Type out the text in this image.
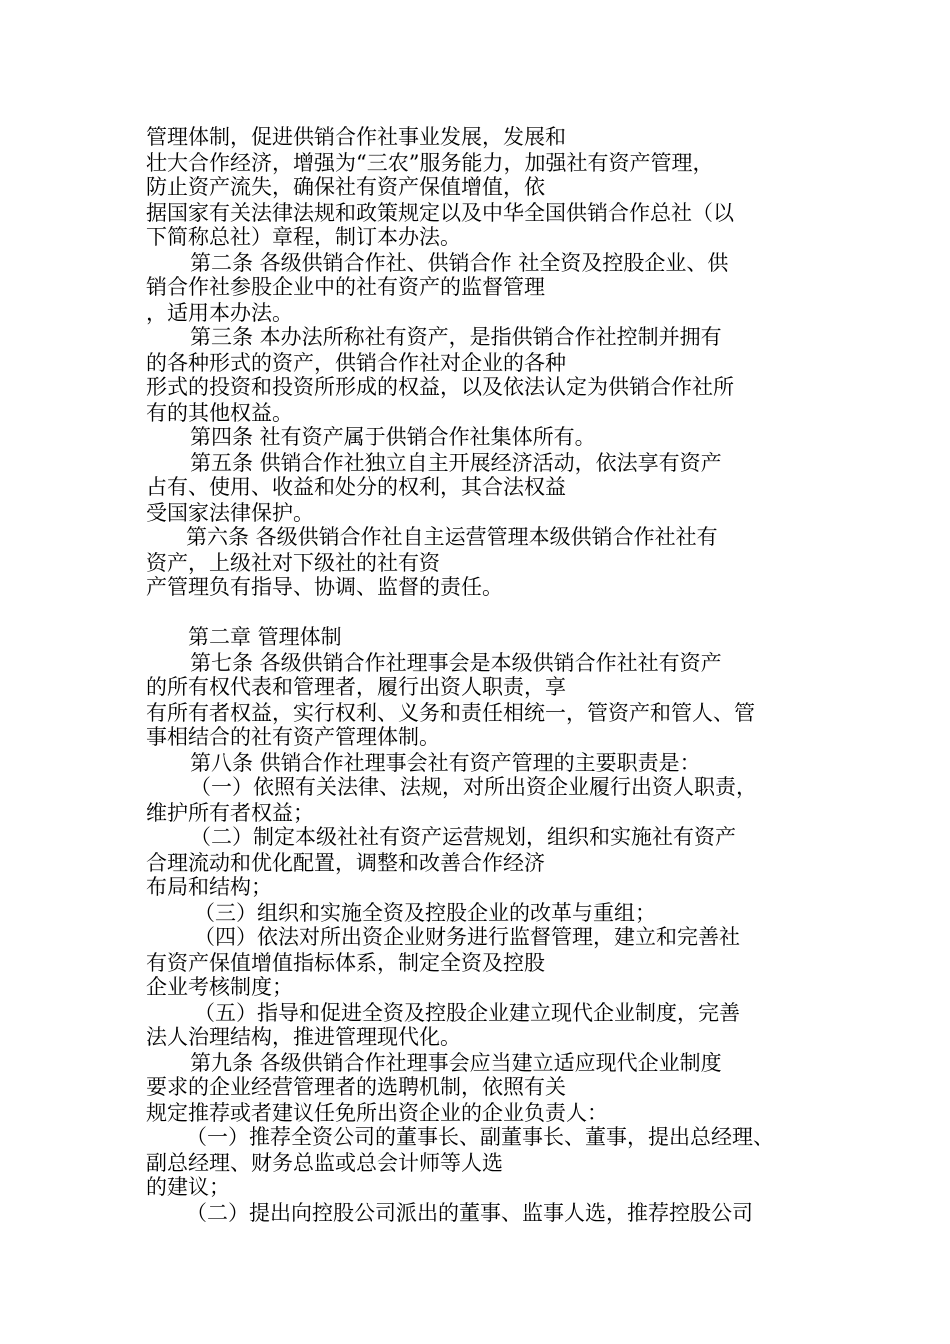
管理体制，促进供销合作社事业发展，发展和
壮大合作经济，增强为“三农”服务能力，加强社有资产管理，
防止资产流失，确保社有资产保值增值，依
据国家有关法律法规和政策规定以及中华全国供销合作总社（以
下简称总社）章程，制订本办法。
第二条 各级供销合作社、供销合作 社全资及控股企业、供
销合作社参股企业中的社有资产的监督管理
，适用本办法。
第三条 本办法所称社有资产，是指供销合作社控制并拥有
的各种形式的资产，供销合作社对企业的各种
形式的投资和投资所形成的权益，以及依法认定为供销合作社所
有的其他权益。
第四条 社有资产属于供销合作社集体所有。
第五条 供销合作社独立自主开展经济活动，依法享有资产
占有、使用、收益和处分的权利，其合法权益
受国家法律保护。
第六条 各级供销合作社自主运营管理本级供销合作社社有
资产，上级社对下级社的社有资
产管理负有指导、协调、监督的责任。
第二章 管理体制
第七条 各级供销合作社理事会是本级供销合作社社有资产
的所有权代表和管理者，履行出资人职责，享
有所有者权益，实行权利、义务和责任相统一，管资产和管人、管
事相结合的社有资产管理体制。
第八条 供销合作社理事会社有资产管理的主要职责是：
（一）依照有关法律、法规，对所出资企业履行出资人职责，
维护所有者权益；
（二）制定本级社社有资产运营规划，组织和实施社有资产
合理流动和优化配置，调整和改善合作经济
布局和结构；
（三）组织和实施全资及控股企业的改革与重组；
（四）依法对所出资企业财务进行监督管理，建立和完善社
有资产保值增值指标体系，制定全资及控股
企业考核制度；
（五）指导和促进全资及控股企业建立现代企业制度，完善
法人治理结构，推进管理现代化。
第九条 各级供销合作社理事会应当建立适应现代企业制度
要求的企业经营管理者的选聘机制，依照有关
规定推荐或者建议任免所出资企业的企业负责人：
（一）推荐全资公司的董事长、副董事长、董事，提出总经理、
副总经理、财务总监或总会计师等人选
的建议；
（二）提出向控股公司派出的董事、监事人选，推荐控股公司
